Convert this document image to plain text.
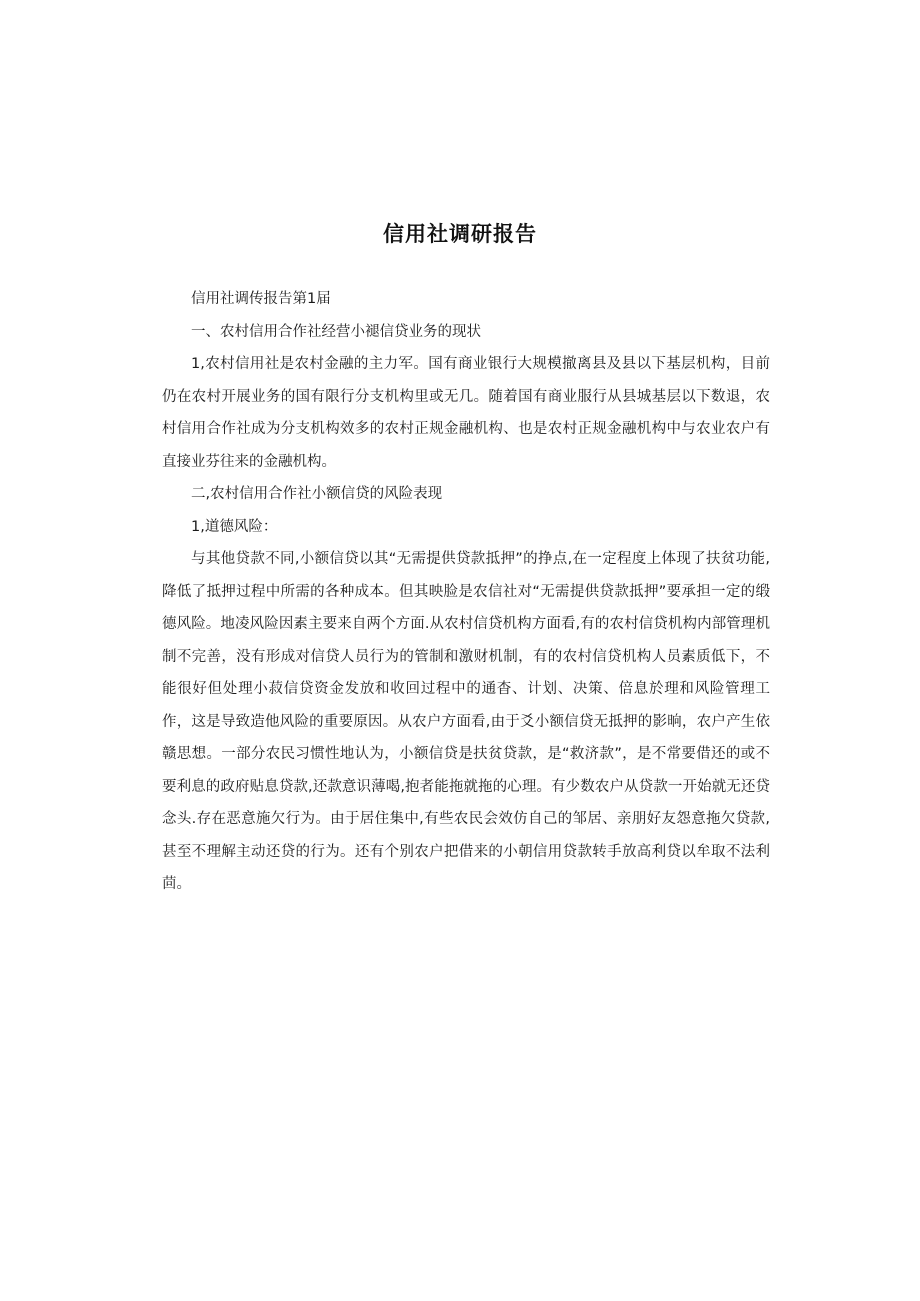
信用社调研报告

信用社调传报告第1届

一、农村信用合作社经营小褪信贷业务的现状

1,农村信用社是农村金融的主力军。国有商业银行大规模撤离县及县以下基层机构，目前仍在农村开展业务的国有限行分支机构里或无几。随着国有商业服行从县城基层以下数退，农村信用合作社成为分支机构效多的农村正规金融机构、也是农村正规金融机构中与农业农户有直接业芬往来的金融机构。

二,农村信用合作社小额信贷的风险表现

1,道德风险：

与其他贷款不同,小额信贷以其“无需提供贷款抵押”的挣点,在一定程度上体现了扶贫功能,降低了抵押过程中所需的各种成本。但其映脸是农信社对“无需提供贷款抵押”要承担一定的缎德风险。地凌风险因素主要来自两个方面.从农村信贷机构方面看,有的农村信贷机构内部管理机制不完善，没有形成对信贷人员行为的管制和激财机制，有的农村信贷机构人员素质低下，不能很好但处理小菽信贷资金发放和收回过程中的通杳、计划、决策、倍息於理和风险管理工作，这是导致造他风险的重要原因。从农户方面看,由于爻小额信贷无抵押的影晌，农户产生依赣思想。一部分农民习惯性地认为，小额信贷是扶贫贷款，是“救济款”，是不常要借还的或不要利息的政府贴息贷款,还款意识薄喝,抱者能拖就拖的心理。有少数农户从贷款一开始就无还贷念头.存在恶意施欠行为。由于居住集中,有些农民会效仿自己的邹居、亲朋好友怨意拖欠贷款,甚至不理解主动还贷的行为。还有个别农户把借来的小朝信用贷款转手放高利贷以牟取不法利茴。
